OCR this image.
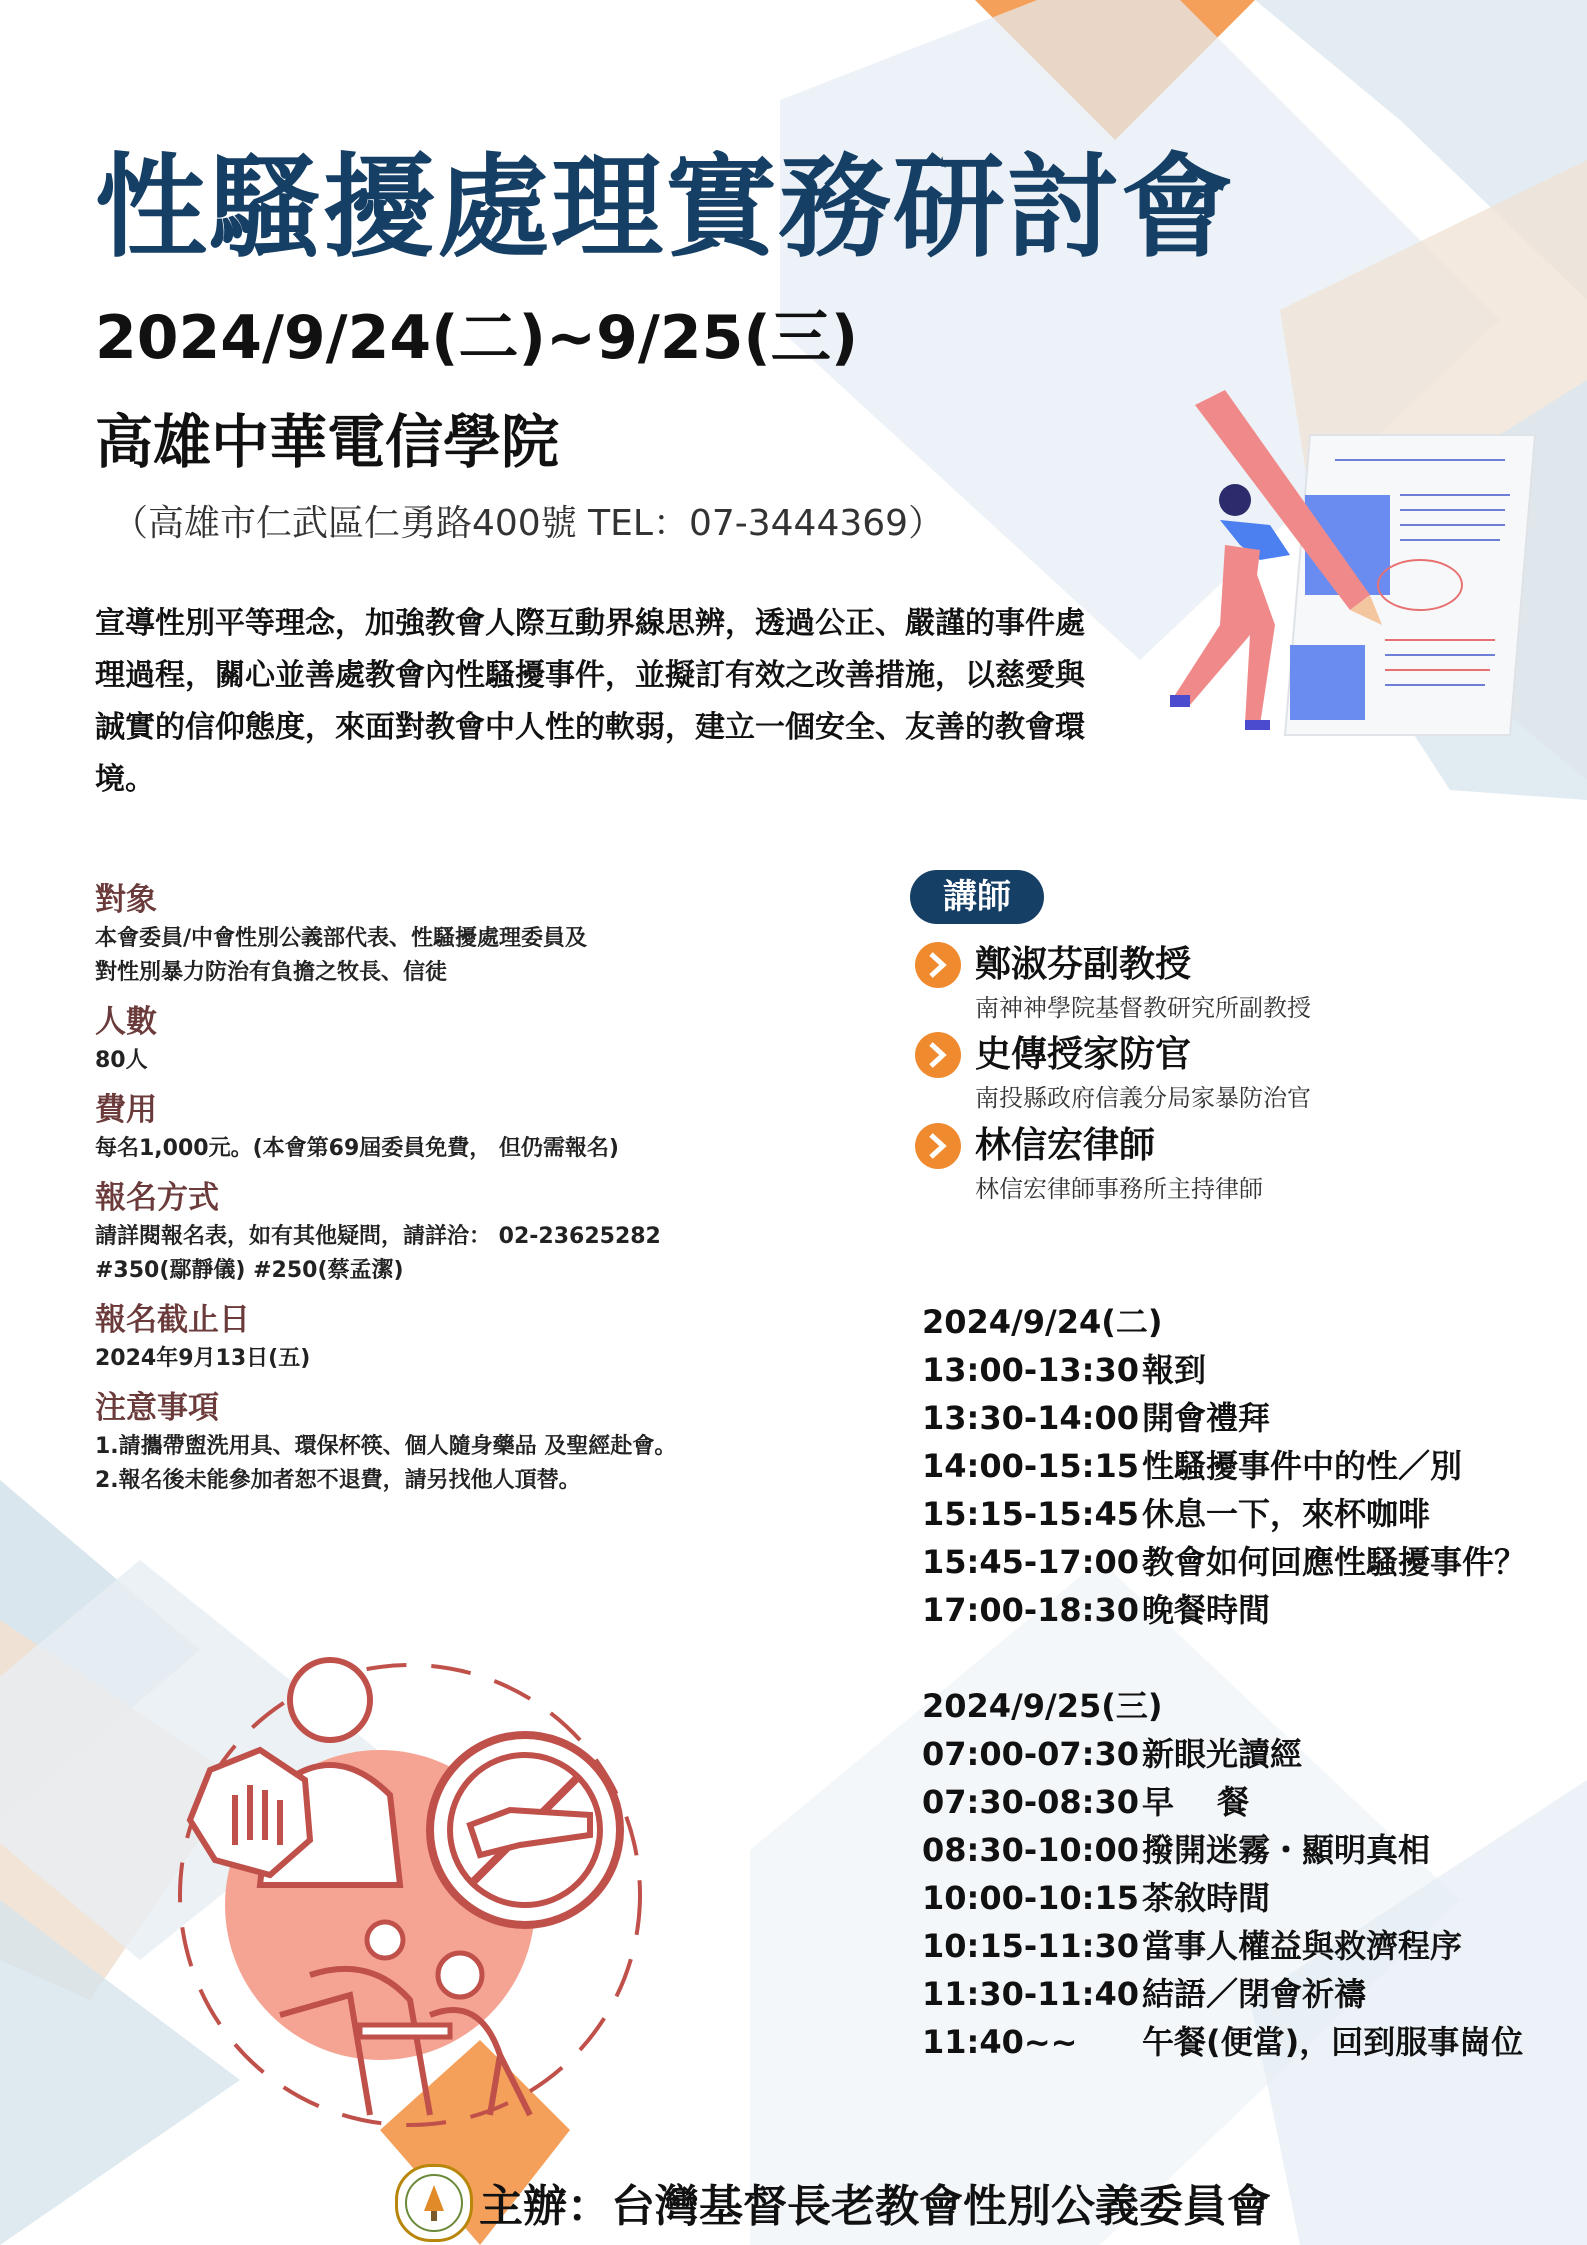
性騷擾處理實務研討會
2024/9/24(二)~9/25(三)
高雄中華電信學院
（高雄市仁武區仁勇路400號 TEL：07-3444369）
宣導性別平等理念，加強教會人際互動界線思辨，透過公正、嚴謹的事件處理過程，關心並善處教會內性騷擾事件，並擬訂有效之改善措施，以慈愛與誠實的信仰態度，來面對教會中人性的軟弱，建立一個安全、友善的教會環境。
對象
本會委員/中會性別公義部代表、性騷擾處理委員及
對性別暴力防治有負擔之牧長、信徒
人數
80人
費用
每名1,000元。(本會第69屆委員免費， 但仍需報名)
報名方式
請詳閱報名表，如有其他疑問，請詳洽： 02-23625282
#350(鄢靜儀) #250(蔡孟潔)
報名截止日
2024年9月13日(五)
注意事項
1.請攜帶盥洗用具、環保杯筷、個人隨身藥品 及聖經赴會。
2.報名後未能參加者恕不退費，請另找他人頂替。
講師
鄭淑芬副教授
南神神學院基督教研究所副教授
史傳授家防官
南投縣政府信義分局家暴防治官
林信宏律師
林信宏律師事務所主持律師
2024/9/24(二)
13:00-13:30報到
13:30-14:00開會禮拜
14:00-15:15性騷擾事件中的性／別
15:15-15:45休息一下，來杯咖啡
15:45-17:00教會如何回應性騷擾事件？
17:00-18:30晚餐時間
2024/9/25(三)
07:00-07:30新眼光讀經
07:30-08:30早　 餐
08:30-10:00撥開迷霧・顯明真相
10:00-10:15茶敘時間
10:15-11:30當事人權益與救濟程序
11:30-11:40結語／閉會祈禱
11:40~~ 午餐(便當)，回到服事崗位
主辦：台灣基督長老教會性別公義委員會
